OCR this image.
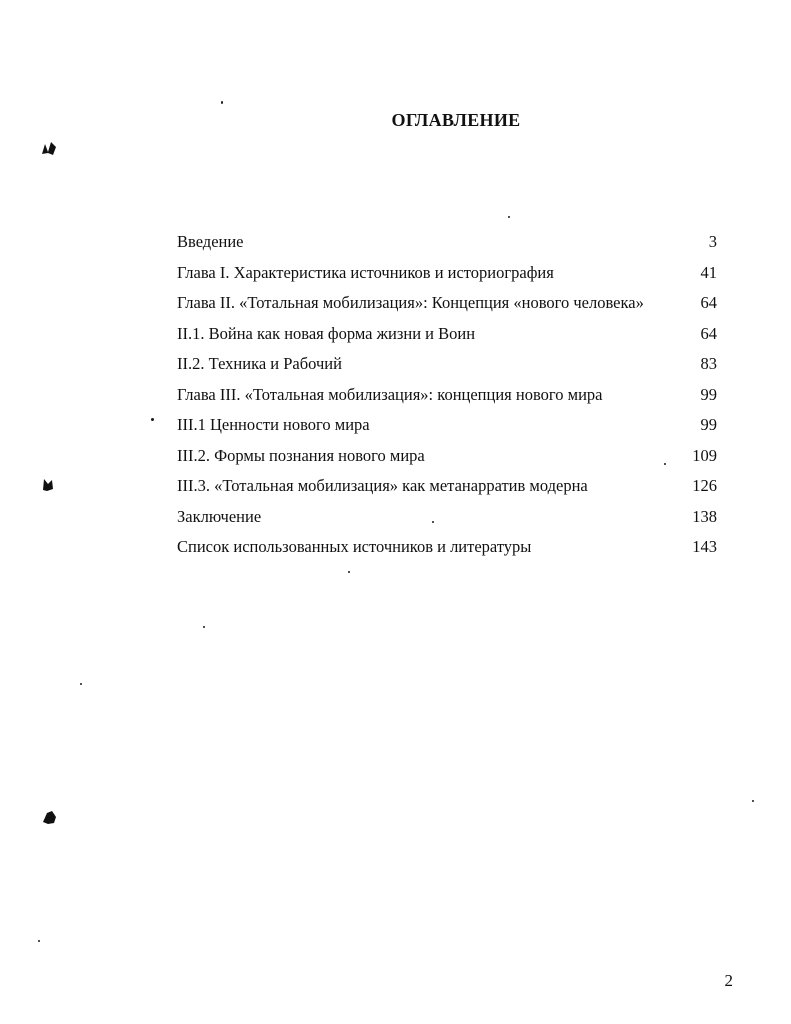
ОГЛАВЛЕНИЕ
Введение	3
Глава I. Характеристика источников и историография	41
Глава II. «Тотальная мобилизация»: Концепция «нового человека»	64
II.1. Война как новая форма жизни и Воин	64
II.2. Техника и Рабочий	83
Глава III. «Тотальная мобилизация»: концепция нового мира	99
III.1 Ценности нового мира	99
III.2. Формы познания нового мира	109
III.3. «Тотальная мобилизация» как метанарратив модерна	126
Заключение	138
Список использованных источников и литературы	143
2
